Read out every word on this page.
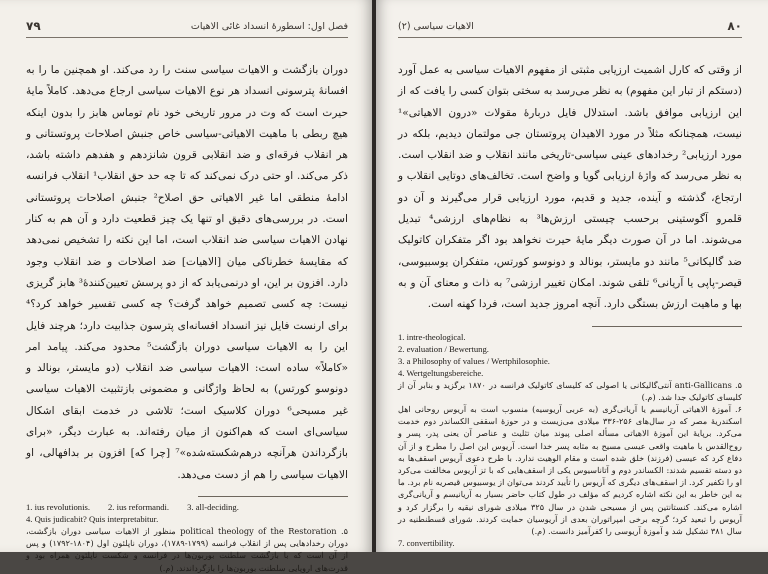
۷۹	فصل اول: اسطورهٔ انسداد غائی الاهیات

دوران بازگشت و الاهیات سیاسی سنت را رد می‌کند. او همچنین ما را به افسانهٔ پترسونی انسداد هر نوع الاهیات سیاسی ارجاع می‌دهد. کاملاً مایهٔ حیرت است که وت در مرور تاریخی خود نام توماس هابز را بدون اینکه هیچ ربطی با ماهیت الاهیاتی-سیاسی خاص جنبش اصلاحات پروتستانی و هر انقلاب فرقه‌ای و ضد انقلابی قرون شانزدهم و هفدهم داشته باشد، ذکر می‌کند. او حتی درک نمی‌کند که تا چه حد حق انقلاب¹ انقلاب فرانسه ادامهٔ منطقی اما غیر الاهیاتی حق اصلاح² جنبش اصلاحات پروتستانی است. در بررسی‌های دقیق او تنها یک چیز قطعیت دارد و آن هم به کنار نهادن الاهیات سیاسی ضد انقلاب است، اما این نکته را تشخیص نمی‌دهد که مقایسهٔ خطرناکی میان [الاهیات] ضد اصلاحات و ضد انقلاب وجود دارد. افزون بر این، او درنمی‌یابد که از دو پرسش تعیین‌کنندهٔ³ هابز گریزی نیست: چه کسی تصمیم خواهد گرفت؟ چه کسی تفسیر خواهد کرد؟⁴ برای ارنست فایل نیز انسداد افسانه‌ای پترسون جذابیت دارد؛ هرچند فایل این را به الاهیات سیاسی دوران بازگشت⁵ محدود می‌کند. پیامد امر «کاملاً» ساده است: الاهیات سیاسی ضد انقلاب (دو مایستر، بونالد و دونوسو کورتس) به لحاظ واژگانی و مضمونی بازتثبیت الاهیات سیاسی غیر مسیحی⁶ دوران کلاسیک است؛ تلاشی در خدمت ابقای اشکال سیاسی‌ای است که هم‌اکنون از میان رفته‌اند. به عبارت دیگر، «برای بازگرداندن هرآنچه درهم‌شکسته‌شده»⁷ [چرا که] افزون بر بدافهالی، او الاهیات سیاسی را هم از دست می‌دهد.

1. ius revolutionis. 2. ius reformandi. 3. all-deciding.
4. Quis judicabit? Quis interpretabitur.
۵. political theology of the Restoration منظور از الاهیات سیاسی دوران بازگشت، دوران رخدادهایی پس از انقلاب فرانسه (۱۷۹۹-۱۷۸۹)، دوران ناپلئون اول (۱۸۰۴-۱۷۹۲) و پس از آن است که با بازگشت سلطنت بوربون‌ها در فرانسه و شکست ناپلئون همراه بود و قدرت‌های اروپایی سلطنت بوربون‌ها را بازگرداندند. (م.)
الاهیات سیاسی (۲)	۸۰

از وقتی که کارل اشمیت ارزیابی مثبتی از مفهوم الاهیات سیاسی به عمل آورد (دستکم از تبار این مفهوم) به نظر می‌رسد به سختی بتوان کسی را یافت که از این ارزیابی موافق باشد. استدلال فایل دربارهٔ مقولات «درون الاهیاتی»¹ نیست، همچنانکه مثلاً در مورد الاهیدان پروتستان جی مولتمان دیدیم، بلکه در مورد ارزیابی² رخدادهای عینی سیاسی-تاریخی مانند انقلاب و ضد انقلاب است. به نظر می‌رسد که واژهٔ ارزیابی گویا و واضح است. تخالف‌های دوتایی انقلاب و ارتجاع، گذشته و آینده، جدید و قدیم، مورد ارزیابی قرار می‌گیرند و آن دو قلمرو آگوستینی برحسب چیستی ارزش‌ها³ به نظام‌های ارزشی⁴ تبدیل می‌شوند. اما در آن صورت دیگر مایهٔ حیرت نخواهد بود اگر متفکران کاتولیک ضد گالیکانی⁵ مانند دو مایستر، بونالد و دونوسو کورتس، متفکران یوسبیوسی، قیصر-پاپی یا آریانی⁶ تلقی شوند. امکان تغییر ارزشی⁷ به ذات و معنای آن و به بها و ماهیت ارزش بستگی دارد. آنچه امروز جدید است، فردا کهنه است.

1. intre-theological.
2. evaluation / Bewertung.
3. a Philosophy of values / Wertphilosophie.
4. Wertgeltungsbereiche.
۵. anti-Gallicans آنتی‌گالیکانی یا اصولی که کلیسای کاتولیک فرانسه در ۱۸۷۰ برگزید و بنابر آن از کلیسای کاتولیک جدا شد. (م.)
۶. آموزهٔ الاهیاتی آریانیسم یا آریانی‌گری (به عربی آریوسیه) منسوب است به آریوس روحانی اهل اسکندریهٔ مصر که در سال‌های ۲۵۶-۳۳۶ میلادی می‌زیست و در حوزهٔ اسقفی الکساندر دوم خدمت می‌کرد. برپایهٔ این آموزهٔ الاهیاتی مسأله اصلی پیوند میان تثلیث و عناصر آن یعنی پدر، پسر و روح‌القدس با ماهیت واقعی عیسی مسیح به مثابه پسر خدا است. آریوس این اصل را مطرح و از آن دفاع کرد که عیسی (فرزند) خلق شده است و مقام الوهیت ندارد. با طرح دعوی آریوس اسقف‌ها به دو دسته تقسیم شدند: الکساندر دوم و آتاناسیوس یکی از اسقف‌هایی که با تز آریوس مخالفت می‌کرد او را تکفیر کرد. از اسقف‌های دیگری که آریوس را تأیید کردند می‌توان از یوسبیوس قیصریه نام برد. ما به این خاطر به این نکته اشاره کردیم که مؤلف در طول کتاب حاضر بسیار به آریانیسم و آریانی‌گری اشاره می‌کند. کنستانتین پس از مسیحی شدن در سال ۳۲۵ میلادی شورای نیقیه را برگزار کرد و آریوس را تبعید کرد؛ گرچه برخی امپراتوران بعدی از آریوسیان حمایت کردند. شورای قسطنطنیه در سال ۳۸۱ تشکیل شد و آموزهٔ آریوسی را کفرآمیز دانست. (م.)
7. convertibility.
